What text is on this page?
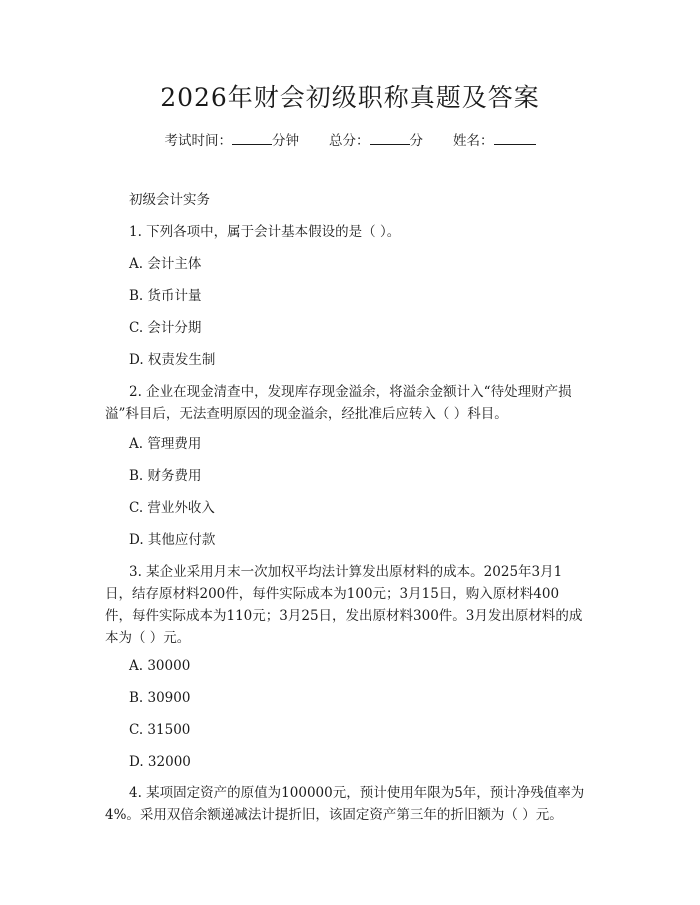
2026年财会初级职称真题及答案
考试时间：	分钟 总分：	分 姓名：
初级会计实务
1. 下列各项中，属于会计基本假设的是（ ）。
A. 会计主体
B. 货币计量
C. 会计分期
D. 权责发生制
2. 企业在现金清查中，发现库存现金溢余，将溢余金额计入“待处理财产损
溢”科目后，无法查明原因的现金溢余，经批准后应转入（ ）科目。
A. 管理费用
B. 财务费用
C. 营业外收入
D. 其他应付款
3. 某企业采用月末一次加权平均法计算发出原材料的成本。2025年3月1
日，结存原材料200件，每件实际成本为100元；3月15日，购入原材料400
件，每件实际成本为110元；3月25日，发出原材料300件。3月发出原材料的成
本为（ ）元。
A. 30000
B. 30900
C. 31500
D. 32000
4. 某项固定资产的原值为100000元，预计使用年限为5年，预计净残值率为
4%。采用双倍余额递减法计提折旧，该固定资产第三年的折旧额为（ ）元。
